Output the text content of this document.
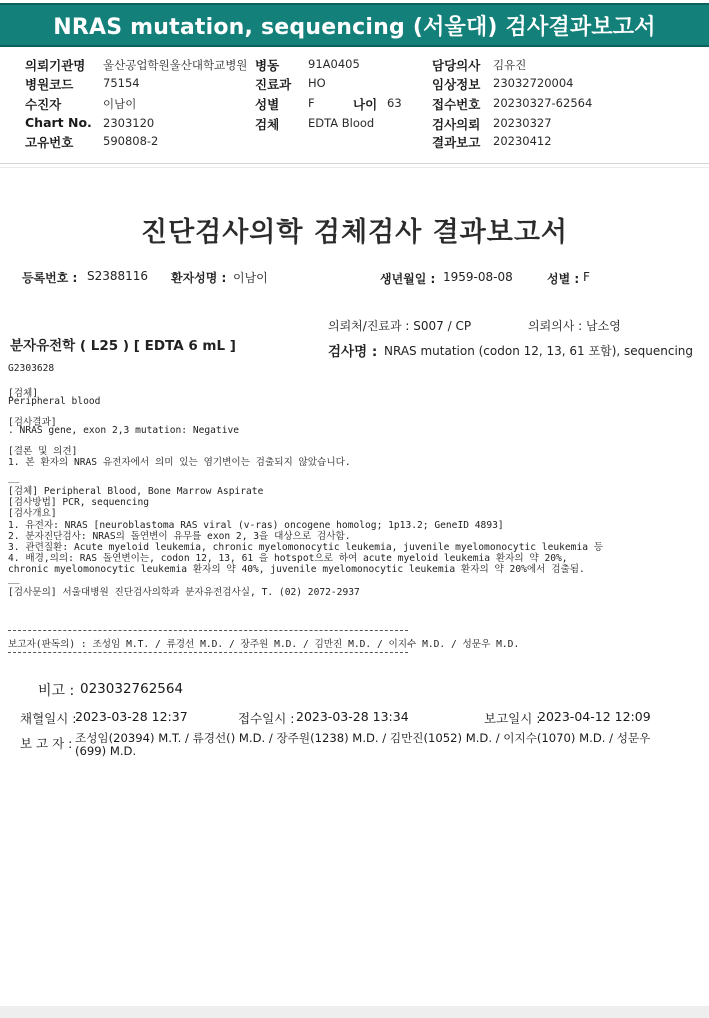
NRAS mutation, sequencing (서울대) 검사결과보고서
의뢰기관명 울산공업학원울산대학교병원 병동	91A0405	담당의사 김유진
병원코드	75154	진료과 HO	임상정보 23032720004
수진자	이남이	성별	F	나이 63 접수번호 20230327-62564
Chart No. 2303120	검체	EDTA Blood	검사의뢰 20230327
고유번호	590808-2	결과보고 20230412
진단검사의학 검체검사 결과보고서
등록번호 : S2388116 환자성명 : 이남이	생년월일 : 1959-08-08	성별 : F
의뢰처/진료과 : S007 / CP	의뢰의사 : 남소영
분자유전학 ( L25 ) [ EDTA 6 mL ]	검사명 : NRAS mutation (codon 12, 13, 61 포함), sequencing
G2303628
[검체]
Peripheral blood
[검사결과]
. NRAS gene, exon 2,3 mutation: Negative
[결론 및 의견]
1. 본 환자의 NRAS 유전자에서 의미 있는 염기변이는 검출되지 않았습니다.
__
[검체] Peripheral Blood, Bone Marrow Aspirate
[검사방법] PCR, sequencing
[검사개요]
1. 유전자: NRAS [neuroblastoma RAS viral (v-ras) oncogene homolog; 1p13.2; GeneID 4893]
2. 분자진단검사: NRAS의 돌연변이 유무를 exon 2, 3을 대상으로 검사함.
3. 관련질환: Acute myeloid leukemia, chronic myelomonocytic leukemia, juvenile myelomonocytic leukemia 등
4. 배경,의의: RAS 돌연변이는, codon 12, 13, 61 을 hotspot으로 하여 acute myeloid leukemia 환자의 약 20%,
chronic myelomonocytic leukemia 환자의 약 40%, juvenile myelomonocytic leukemia 환자의 약 20%에서 검출됨.
__
[검사문의] 서울대병원 진단검사의학과 분자유전검사실, T. (02) 2072-2937
보고자(판독의) : 조성임 M.T. / 류경선 M.D. / 장주원 M.D. / 김만진 M.D. / 이지수 M.D. / 성문우 M.D.
비고 : 023032762564
채혈일시 :
2023-03-28 12:37	접수일시 : 2023-03-28 13:34	보고일시 :
2023-04-12 12:09
보 고 자 : 조성임(20394) M.T. / 류경선() M.D. / 장주원(1238) M.D. / 김만진(1052) M.D. / 이지수(1070) M.D. / 성문우
(699) M.D.
